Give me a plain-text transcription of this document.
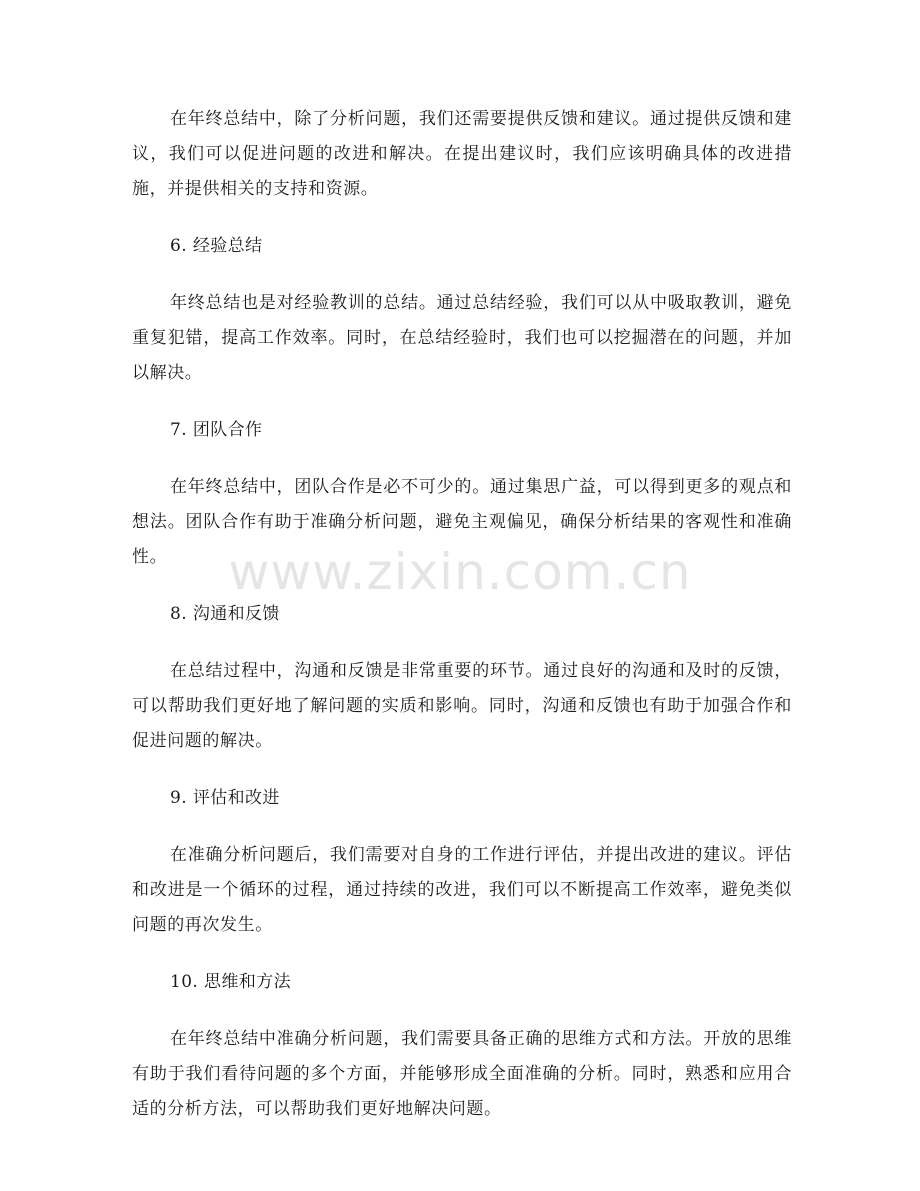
在年终总结中，除了分析问题，我们还需要提供反馈和建议。通过提供反馈和建议，我们可以促进问题的改进和解决。在提出建议时，我们应该明确具体的改进措施，并提供相关的支持和资源。

6. 经验总结

年终总结也是对经验教训的总结。通过总结经验，我们可以从中吸取教训，避免重复犯错，提高工作效率。同时，在总结经验时，我们也可以挖掘潜在的问题，并加以解决。

7. 团队合作

在年终总结中，团队合作是必不可少的。通过集思广益，可以得到更多的观点和想法。团队合作有助于准确分析问题，避免主观偏见，确保分析结果的客观性和准确性。

8. 沟通和反馈

在总结过程中，沟通和反馈是非常重要的环节。通过良好的沟通和及时的反馈，可以帮助我们更好地了解问题的实质和影响。同时，沟通和反馈也有助于加强合作和促进问题的解决。

9. 评估和改进

在准确分析问题后，我们需要对自身的工作进行评估，并提出改进的建议。评估和改进是一个循环的过程，通过持续的改进，我们可以不断提高工作效率，避免类似问题的再次发生。

10. 思维和方法

在年终总结中准确分析问题，我们需要具备正确的思维方式和方法。开放的思维有助于我们看待问题的多个方面，并能够形成全面准确的分析。同时，熟悉和应用合适的分析方法，可以帮助我们更好地解决问题。

www.zixin.com.cn
